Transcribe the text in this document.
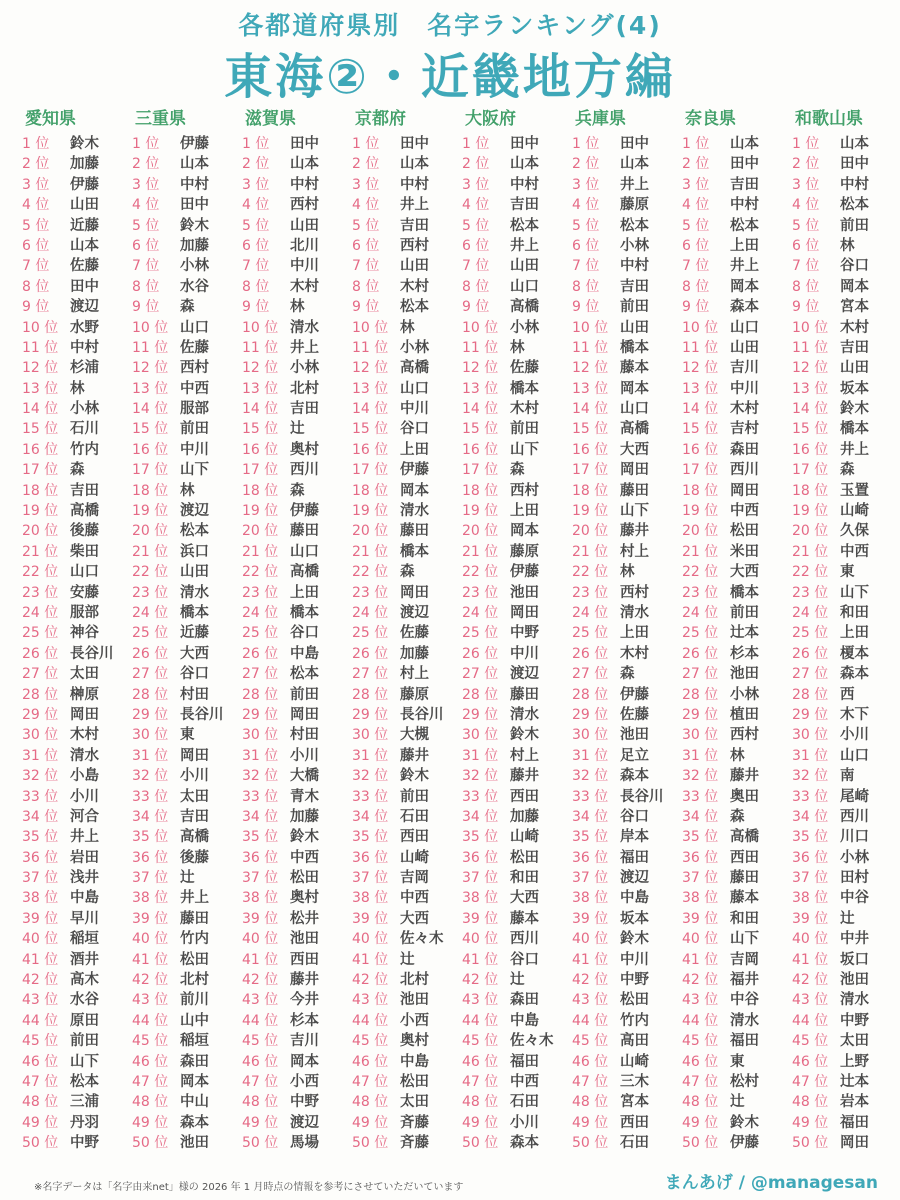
各都道府県別　名字ランキング(4)
東海②・近畿地方編
愛知県
1 位	鈴木
2 位	加藤
3 位	伊藤
4 位	山田
5 位	近藤
6 位	山本
7 位	佐藤
8 位	田中
9 位	渡辺
10 位 水野
11 位 中村
12 位 杉浦
13 位 林
14 位 小林
15 位 石川
16 位 竹内
17 位 森
18 位 吉田
19 位 高橋
20 位 後藤
21 位 柴田
22 位 山口
23 位 安藤
24 位 服部
25 位 神谷
26 位 長谷川
27 位 太田
28 位 榊原
29 位 岡田
30 位 木村
31 位 清水
32 位 小島
33 位 小川
34 位 河合
35 位 井上
36 位 岩田
37 位 浅井
38 位 中島
39 位 早川
40 位 稲垣
41 位 酒井
42 位 高木
43 位 水谷
44 位 原田
45 位 前田
46 位 山下
47 位 松本
48 位 三浦
49 位 丹羽
50 位 中野
三重県
1 位	伊藤
2 位	山本
3 位	中村
4 位	田中
5 位	鈴木
6 位	加藤
7 位	小林
8 位	水谷
9 位	森
10 位 山口
11 位 佐藤
12 位 西村
13 位 中西
14 位 服部
15 位 前田
16 位 中川
17 位 山下
18 位 林
19 位 渡辺
20 位 松本
21 位 浜口
22 位 山田
23 位 清水
24 位 橋本
25 位 近藤
26 位 大西
27 位 谷口
28 位 村田
29 位 長谷川
30 位 東
31 位 岡田
32 位 小川
33 位 太田
34 位 吉田
35 位 高橋
36 位 後藤
37 位 辻
38 位 井上
39 位 藤田
40 位 竹内
41 位 松田
42 位 北村
43 位 前川
44 位 山中
45 位 稲垣
46 位 森田
47 位 岡本
48 位 中山
49 位 森本
50 位 池田
滋賀県
1 位	田中
2 位	山本
3 位	中村
4 位	西村
5 位	山田
6 位	北川
7 位	中川
8 位	木村
9 位	林
10 位 清水
11 位 井上
12 位 小林
13 位 北村
14 位 吉田
15 位 辻
16 位 奥村
17 位 西川
18 位 森
19 位 伊藤
20 位 藤田
21 位 山口
22 位 高橋
23 位 上田
24 位 橋本
25 位 谷口
26 位 中島
27 位 松本
28 位 前田
29 位 岡田
30 位 村田
31 位 小川
32 位 大橋
33 位 青木
34 位 加藤
35 位 鈴木
36 位 中西
37 位 松田
38 位 奥村
39 位 松井
40 位 池田
41 位 西田
42 位 藤井
43 位 今井
44 位 杉本
45 位 吉川
46 位 岡本
47 位 小西
48 位 中野
49 位 渡辺
50 位 馬場
京都府
1 位	田中
2 位	山本
3 位	中村
4 位	井上
5 位	吉田
6 位	西村
7 位	山田
8 位	木村
9 位	松本
10 位 林
11 位 小林
12 位 高橋
13 位 山口
14 位 中川
15 位 谷口
16 位 上田
17 位 伊藤
18 位 岡本
19 位 清水
20 位 藤田
21 位 橋本
22 位 森
23 位 岡田
24 位 渡辺
25 位 佐藤
26 位 加藤
27 位 村上
28 位 藤原
29 位 長谷川
30 位 大槻
31 位 藤井
32 位 鈴木
33 位 前田
34 位 石田
35 位 西田
36 位 山崎
37 位 吉岡
38 位 中西
39 位 大西
40 位 佐々木
41 位 辻
42 位 北村
43 位 池田
44 位 小西
45 位 奥村
46 位 中島
47 位 松田
48 位 太田
49 位 斉藤
50 位 斉藤
大阪府
1 位	田中
2 位	山本
3 位	中村
4 位	吉田
5 位	松本
6 位	井上
7 位	山田
8 位	山口
9 位	高橋
10 位 小林
11 位 林
12 位 佐藤
13 位 橋本
14 位 木村
15 位 前田
16 位 山下
17 位 森
18 位 西村
19 位 上田
20 位 岡本
21 位 藤原
22 位 伊藤
23 位 池田
24 位 岡田
25 位 中野
26 位 中川
27 位 渡辺
28 位 藤田
29 位 清水
30 位 鈴木
31 位 村上
32 位 藤井
33 位 西田
34 位 加藤
35 位 山崎
36 位 松田
37 位 和田
38 位 大西
39 位 藤本
40 位 西川
41 位 谷口
42 位 辻
43 位 森田
44 位 中島
45 位 佐々木
46 位 福田
47 位 中西
48 位 石田
49 位 小川
50 位 森本
兵庫県
1 位	田中
2 位	山本
3 位	井上
4 位	藤原
5 位	松本
6 位	小林
7 位	中村
8 位	吉田
9 位	前田
10 位 山田
11 位 橋本
12 位 藤本
13 位 岡本
14 位 山口
15 位 高橋
16 位 大西
17 位 岡田
18 位 藤田
19 位 山下
20 位 藤井
21 位 村上
22 位 林
23 位 西村
24 位 清水
25 位 上田
26 位 木村
27 位 森
28 位 伊藤
29 位 佐藤
30 位 池田
31 位 足立
32 位 森本
33 位 長谷川
34 位 谷口
35 位 岸本
36 位 福田
37 位 渡辺
38 位 中島
39 位 坂本
40 位 鈴木
41 位 中川
42 位 中野
43 位 松田
44 位 竹内
45 位 高田
46 位 山崎
47 位 三木
48 位 宮本
49 位 西田
50 位 石田
奈良県
1 位	山本
2 位	田中
3 位	吉田
4 位	中村
5 位	松本
6 位	上田
7 位	井上
8 位	岡本
9 位	森本
10 位 山口
11 位 山田
12 位 吉川
13 位 中川
14 位 木村
15 位 吉村
16 位 森田
17 位 西川
18 位 岡田
19 位 中西
20 位 松田
21 位 米田
22 位 大西
23 位 橋本
24 位 前田
25 位 辻本
26 位 杉本
27 位 池田
28 位 小林
29 位 植田
30 位 西村
31 位 林
32 位 藤井
33 位 奥田
34 位 森
35 位 高橋
36 位 西田
37 位 藤田
38 位 藤本
39 位 和田
40 位 山下
41 位 吉岡
42 位 福井
43 位 中谷
44 位 清水
45 位 福田
46 位 東
47 位 松村
48 位 辻
49 位 鈴木
50 位 伊藤
和歌山県
1 位	山本
2 位	田中
3 位	中村
4 位	松本
5 位	前田
6 位	林
7 位	谷口
8 位	岡本
9 位	宮本
10 位 木村
11 位 吉田
12 位 山田
13 位 坂本
14 位 鈴木
15 位 橋本
16 位 井上
17 位 森
18 位 玉置
19 位 山崎
20 位 久保
21 位 中西
22 位 東
23 位 山下
24 位 和田
25 位 上田
26 位 榎本
27 位 森本
28 位 西
29 位 木下
30 位 小川
31 位 山口
32 位 南
33 位 尾崎
34 位 西川
35 位 川口
36 位 小林
37 位 田村
38 位 中谷
39 位 辻
40 位 中井
41 位 坂口
42 位 池田
43 位 清水
44 位 中野
45 位 太田
46 位 上野
47 位 辻本
48 位 岩本
49 位 福田
50 位 岡田
※名字データは「名字由来net」様の 2026 年 1 月時点の情報を参考にさせていただいています	まんあげ / @managesan
